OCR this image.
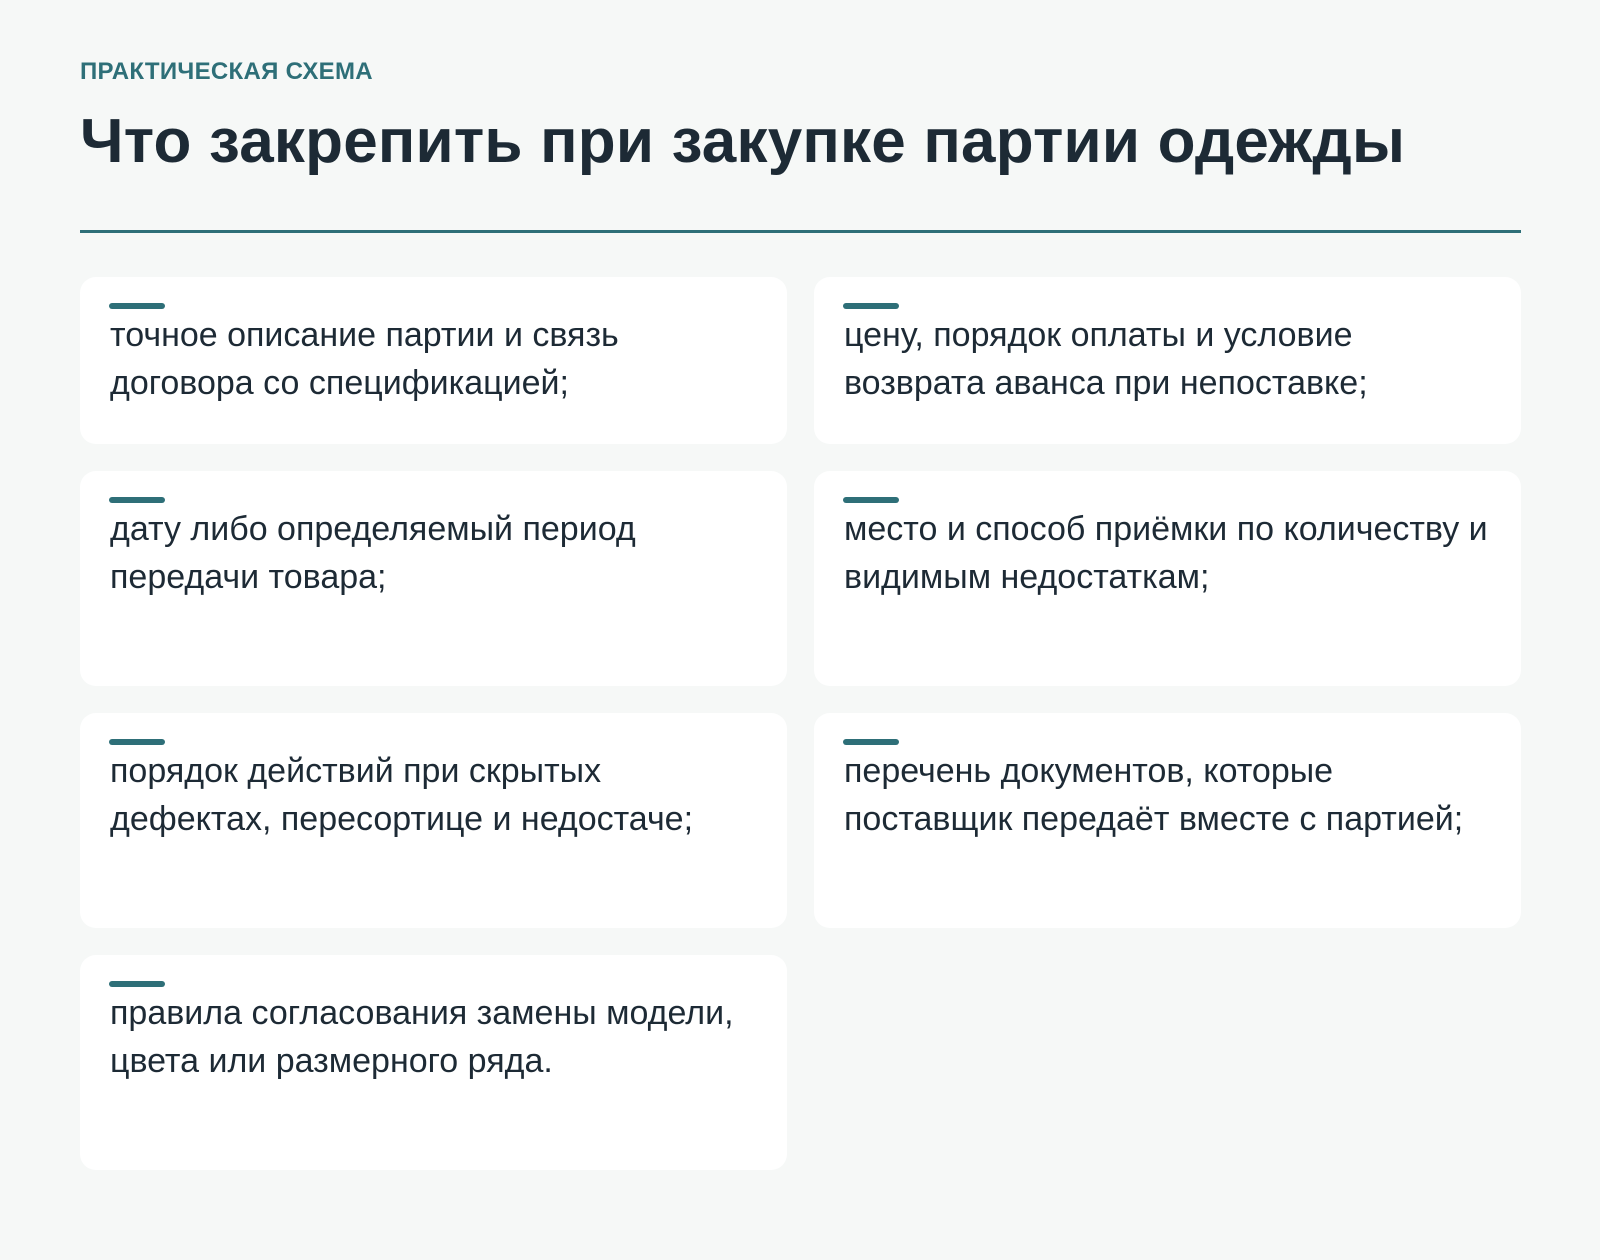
ПРАКТИЧЕСКАЯ СХЕМА
Что закрепить при закупке партии одежды
точное описание партии и связь договора со спецификацией;
цену, порядок оплаты и условие возврата аванса при непоставке;
дату либо определяемый период передачи товара;
место и способ приёмки по количеству и видимым недостаткам;
порядок действий при скрытых дефектах, пересортице и недостаче;
перечень документов, которые поставщик передаёт вместе с партией;
правила согласования замены модели, цвета или размерного ряда.
